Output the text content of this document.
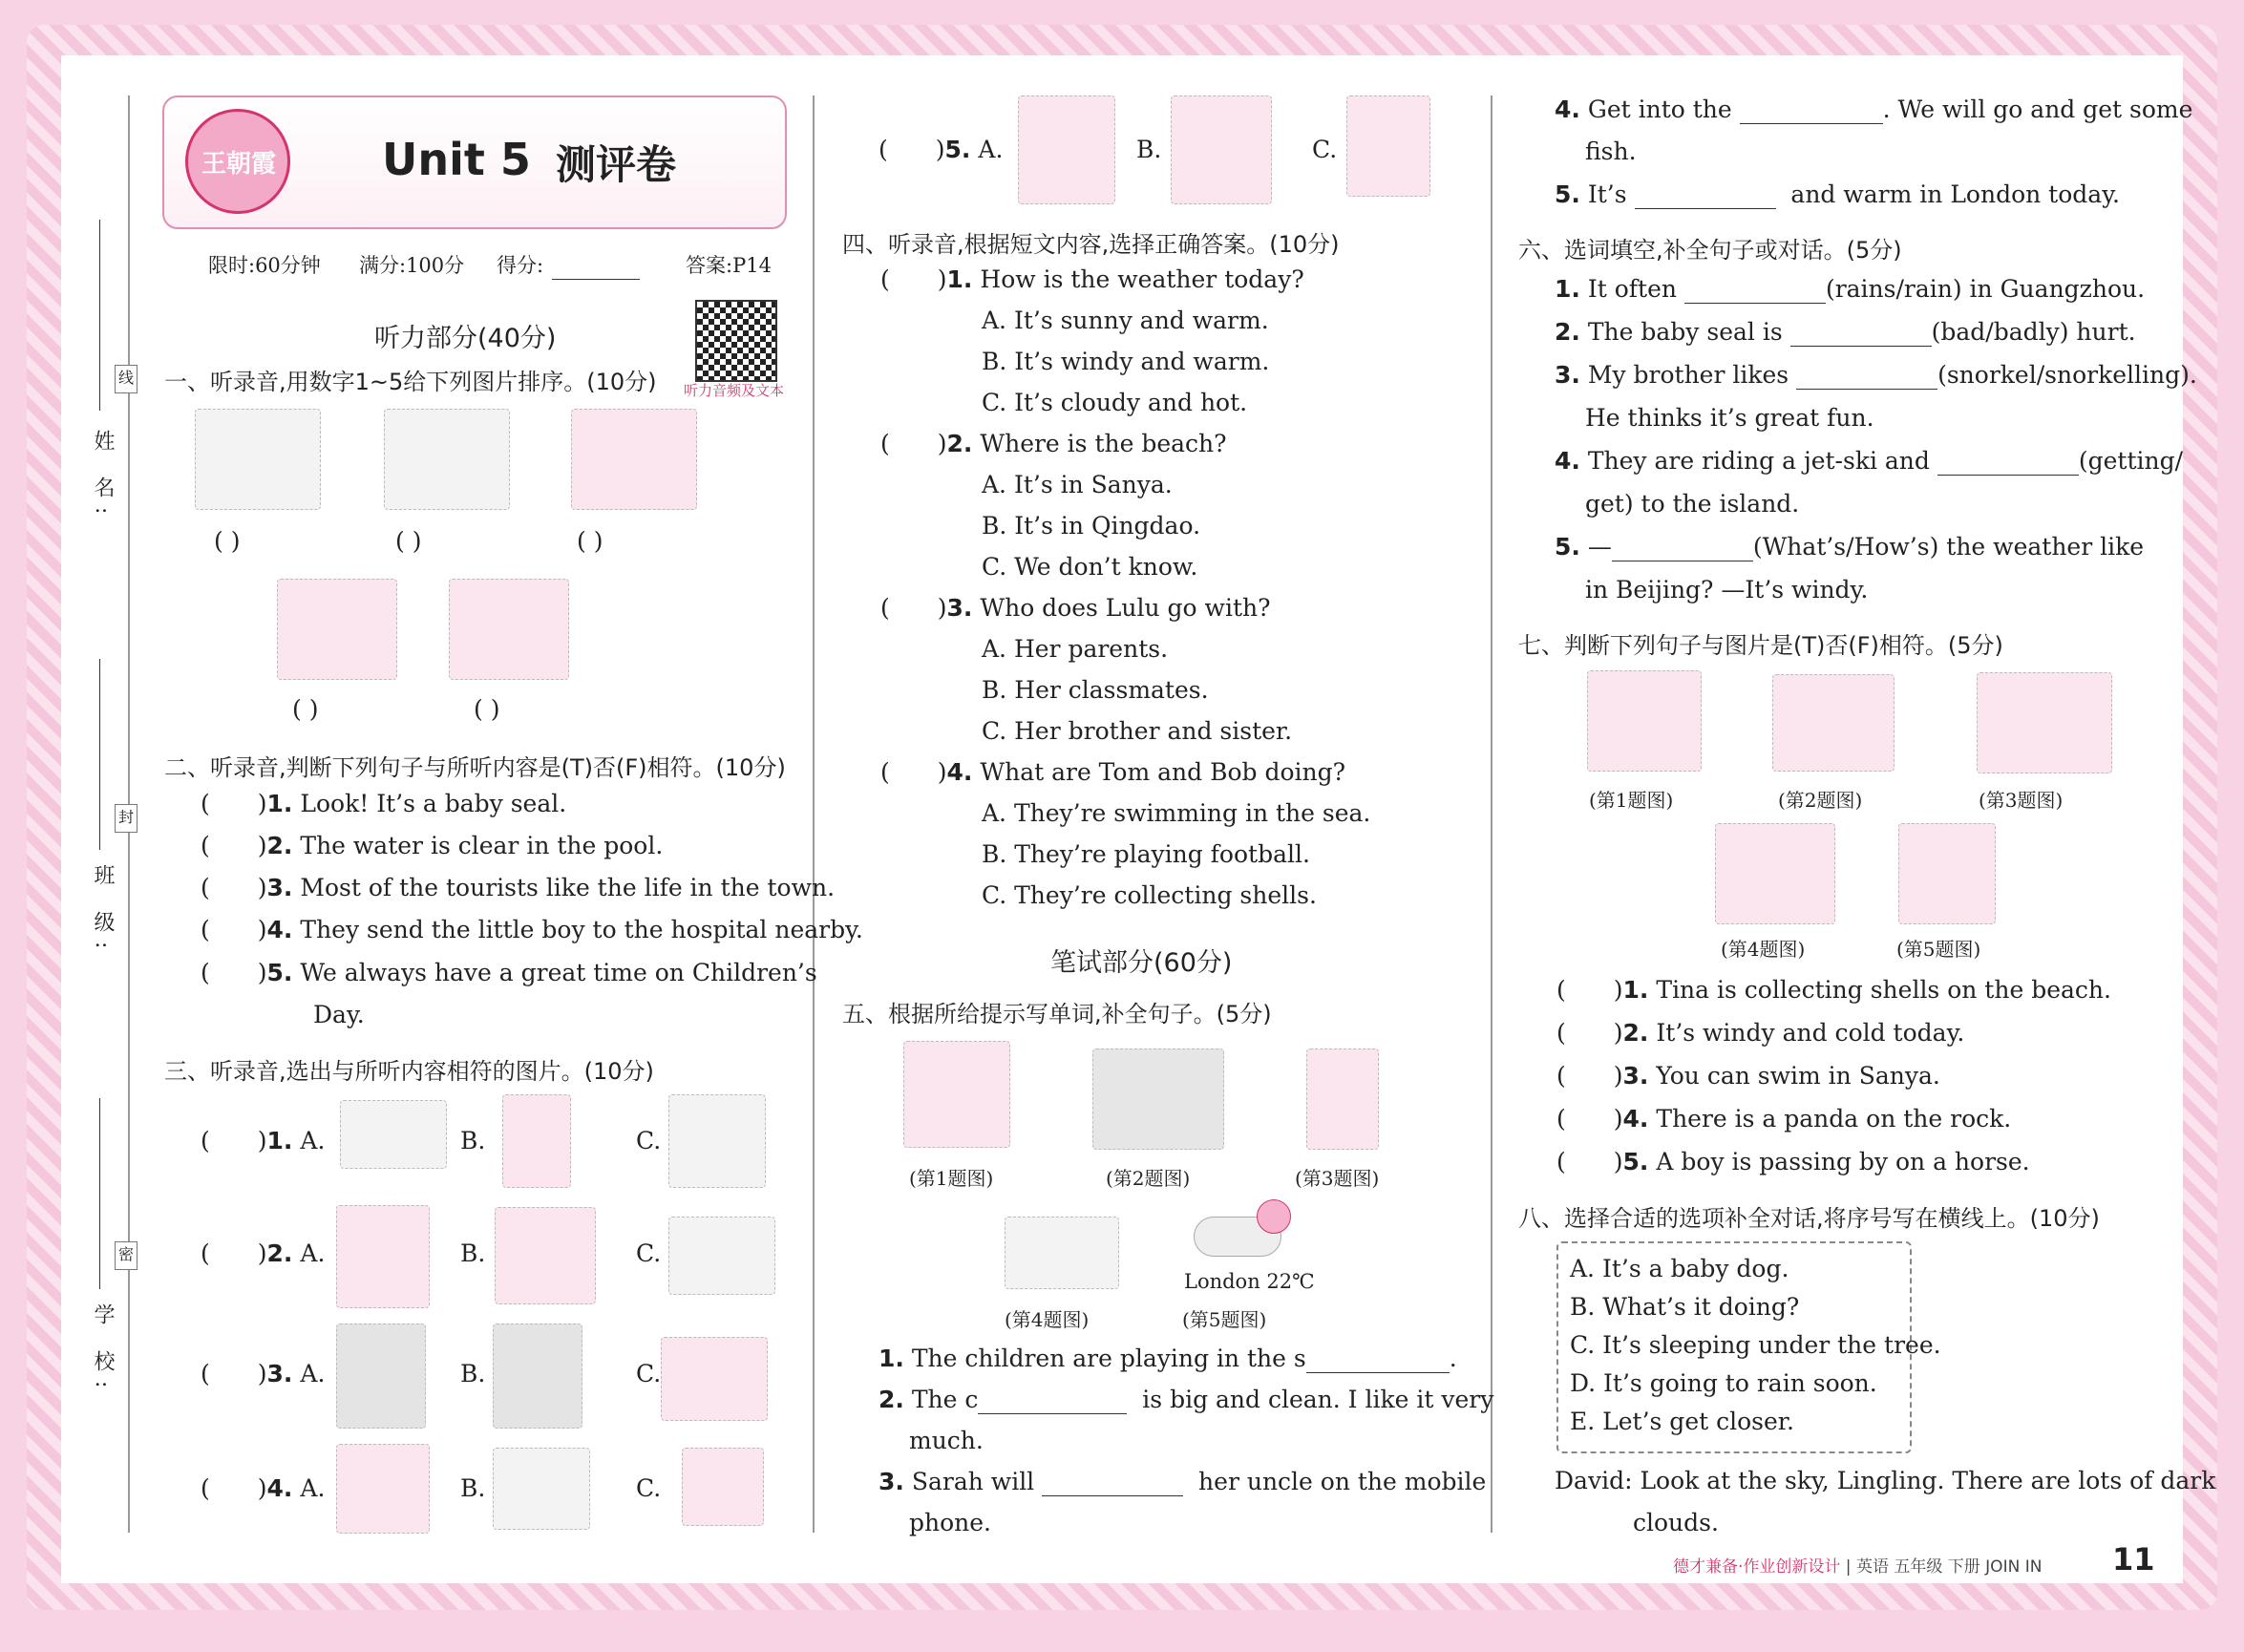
姓 名:
班 级:
学 校:
线
封
密
王朝霞 Unit 5 测评卷
限时:60分钟 满分:100分 得分:	答案:P14
听力音频及文本
听力部分(40分)
一、听录音,用数字1~5给下列图片排序。(10分)
( )	( )	( )
( )	( )
二、听录音,判断下列句子与所听内容是(T)否(F)相符。(10分)
( )1. Look! It’s a baby seal.
( )2. The water is clear in the pool.
( )3. Most of the tourists like the life in the town.
( )4. They send the little boy to the hospital nearby.
( )5. We always have a great time on Children’s
Day.
三、听录音,选出与所听内容相符的图片。(10分)
( )1. A.	B.	C.
( )2. A.	B.	C.
( )3. A.	B.	C.
( )4. A.	B.	C.
( )5. A.	B.	C.
四、听录音,根据短文内容,选择正确答案。(10分)
( )1. How is the weather today?
A. It’s sunny and warm.
B. It’s windy and warm.
C. It’s cloudy and hot.
( )2. Where is the beach?
A. It’s in Sanya.
B. It’s in Qingdao.
C. We don’t know.
( )3. Who does Lulu go with?
A. Her parents.
B. Her classmates.
C. Her brother and sister.
( )4. What are Tom and Bob doing?
A. They’re swimming in the sea.
B. They’re playing football.
C. They’re collecting shells.
笔试部分(60分)
五、根据所给提示写单词,补全句子。(5分)
(第1题图)	(第2题图)	(第3题图)
London 22℃
(第4题图)	(第5题图)
1. The children are playing in the s	.
2. The c	is big and clean. I like it very
much.
3. Sarah will	her uncle on the mobile
phone.
4. Get into the	. We will go and get some
fish.
5. It’s	and warm in London today.
六、选词填空,补全句子或对话。(5分)
1. It often	(rains/rain) in Guangzhou.
2. The baby seal is	(bad/badly) hurt.
3. My brother likes	(snorkel/snorkelling).
He thinks it’s great fun.
4. They are riding a jet-ski and	(getting/
get) to the island.
5. —	(What’s/How’s) the weather like
in Beijing? —It’s windy.
七、判断下列句子与图片是(T)否(F)相符。(5分)
(第1题图)	(第2题图)	(第3题图)
(第4题图)	(第5题图)
( )1. Tina is collecting shells on the beach.
( )2. It’s windy and cold today.
( )3. You can swim in Sanya.
( )4. There is a panda on the rock.
( )5. A boy is passing by on a horse.
八、选择合适的选项补全对话,将序号写在横线上。(10分)
A. It’s a baby dog.
B. What’s it doing?
C. It’s sleeping under the tree.
D. It’s going to rain soon.
E. Let’s get closer.
David: Look at the sky, Lingling. There are lots of dark
clouds.
德才兼备·作业创新设计 | 英语 五年级 下册 JOIN IN 11
